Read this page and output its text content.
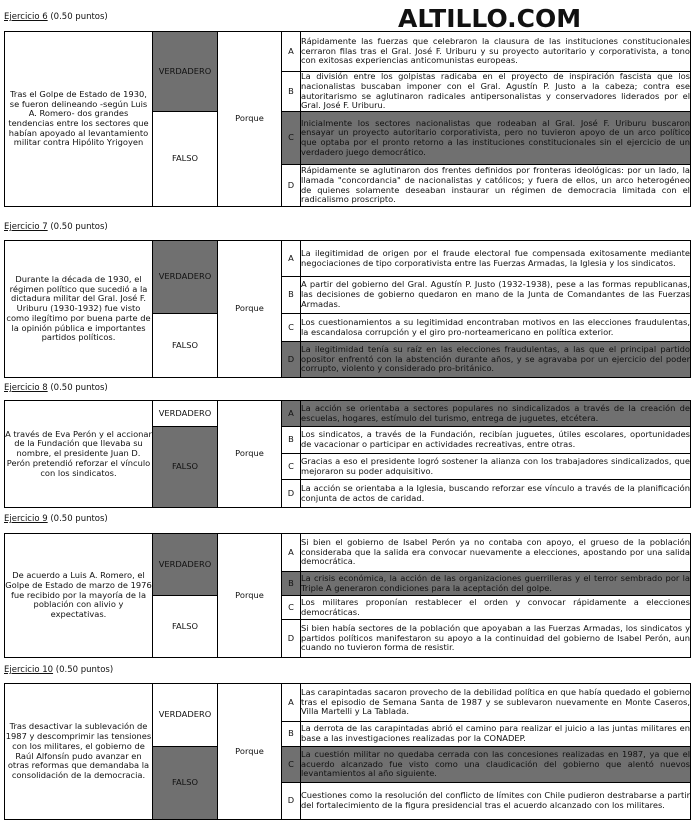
ALTILLO.COM
Ejercicio 6 (0.50 puntos)
Tras el Golpe de Estado de 1930, se fueron delineando -según Luis A. Romero- dos grandes tendencias entre los sectores que habían apoyado al levantamiento militar contra Hipólito Yrigoyen	VERDADERO	Porque	A	Rápidamente las fuerzas que celebraron la clausura de las instituciones constitucionales cerraron filas tras el Gral. José F. Uriburu y su proyecto autoritario y corporativista, a tono con exitosas experiencias anticomunistas europeas.
			B	La división entre los golpistas radicaba en el proyecto de inspiración fascista que los nacionalistas buscaban imponer con el Gral. Agustín P. Justo a la cabeza; contra ese autoritarismo se aglutinaron radicales antipersonalistas y conservadores liderados por el Gral. José F. Uriburu.
	FALSO		C	Inicialmente los sectores nacionalistas que rodeaban al Gral. José F. Uriburu buscaron ensayar un proyecto autoritario corporativista, pero no tuvieron apoyo de un arco político que optaba por el pronto retorno a las instituciones constitucionales sin el ejercicio de un verdadero juego democrático.
			D	Rápidamente se aglutinaron dos frentes definidos por fronteras ideológicas: por un lado, la llamada "concordancia" de nacionalistas y católicos; y fuera de ellos, un arco heterogéneo de quienes solamente deseaban instaurar un régimen de democracia limitada con el radicalismo proscripto.
Ejercicio 7 (0.50 puntos)
Durante la década de 1930, el régimen político que sucedió a la dictadura militar del Gral. José F. Uriburu (1930-1932) fue visto como ilegítimo por buena parte de la opinión pública e importantes partidos políticos.	VERDADERO	Porque	A	La ilegitimidad de origen por el fraude electoral fue compensada exitosamente mediante negociaciones de tipo corporativista entre las Fuerzas Armadas, la Iglesia y los sindicatos.
			B	A partir del gobierno del Gral. Agustín P. Justo (1932-1938), pese a las formas republicanas, las decisiones de gobierno quedaron en mano de la Junta de Comandantes de las Fuerzas Armadas.
	FALSO		C	Los cuestionamientos a su legitimidad encontraban motivos en las elecciones fraudulentas, la escandalosa corrupción y el giro pro-norteamericano en política exterior.
			D	La ilegitimidad tenía su raíz en las elecciones fraudulentas, a las que el principal partido opositor enfrentó con la abstención durante años, y se agravaba por un ejercicio del poder corrupto, violento y considerado pro-británico.
Ejercicio 8 (0.50 puntos)
A través de Eva Perón y el accionar de la Fundación que llevaba su nombre, el presidente Juan D. Perón pretendió reforzar el vínculo con los sindicatos.	VERDADERO	Porque	A	La acción se orientaba a sectores populares no sindicalizados a través de la creación de escuelas, hogares, estímulo del turismo, entrega de juguetes, etcétera.
	FALSO		B	Los sindicatos, a través de la Fundación, recibían juguetes, útiles escolares, oportunidades de vacacionar o participar en actividades recreativas, entre otras.
			C	Gracias a eso el presidente logró sostener la alianza con los trabajadores sindicalizados, que mejoraron su poder adquisitivo.
			D	La acción se orientaba a la Iglesia, buscando reforzar ese vínculo a través de la planificación conjunta de actos de caridad.
Ejercicio 9 (0.50 puntos)
De acuerdo a Luis A. Romero, el Golpe de Estado de marzo de 1976 fue recibido por la mayoría de la población con alivio y expectativas.	VERDADERO	Porque	A	Si bien el gobierno de Isabel Perón ya no contaba con apoyo, el grueso de la población consideraba que la salida era convocar nuevamente a elecciones, apostando por una salida democrática.
			B	La crisis económica, la acción de las organizaciones guerrilleras y el terror sembrado por la Triple A generaron condiciones para la aceptación del golpe.
	FALSO		C	Los militares proponían restablecer el orden y convocar rápidamente a elecciones democráticas.
			D	Si bien había sectores de la población que apoyaban a las Fuerzas Armadas, los sindicatos y partidos políticos manifestaron su apoyo a la continuidad del gobierno de Isabel Perón, aun cuando no tuvieron forma de resistir.
Ejercicio 10 (0.50 puntos)
Tras desactivar la sublevación de 1987 y descomprimir las tensiones con los militares, el gobierno de Raúl Alfonsín pudo avanzar en otras reformas que demandaba la consolidación de la democracia.	VERDADERO	Porque	A	Las carapintadas sacaron provecho de la debilidad política en que había quedado el gobierno tras el episodio de Semana Santa de 1987 y se sublevaron nuevamente en Monte Caseros, Villa Martelli y La Tablada.
			B	La derrota de las carapintadas abrió el camino para realizar el juicio a las juntas militares en base a las investigaciones realizadas por la CONADEP.
	FALSO		C	La cuestión militar no quedaba cerrada con las concesiones realizadas en 1987, ya que el acuerdo alcanzado fue visto como una claudicación del gobierno que alentó nuevos levantamientos al año siguiente.
			D	Cuestiones como la resolución del conflicto de límites con Chile pudieron destrabarse a partir del fortalecimiento de la figura presidencial tras el acuerdo alcanzado con los militares.
